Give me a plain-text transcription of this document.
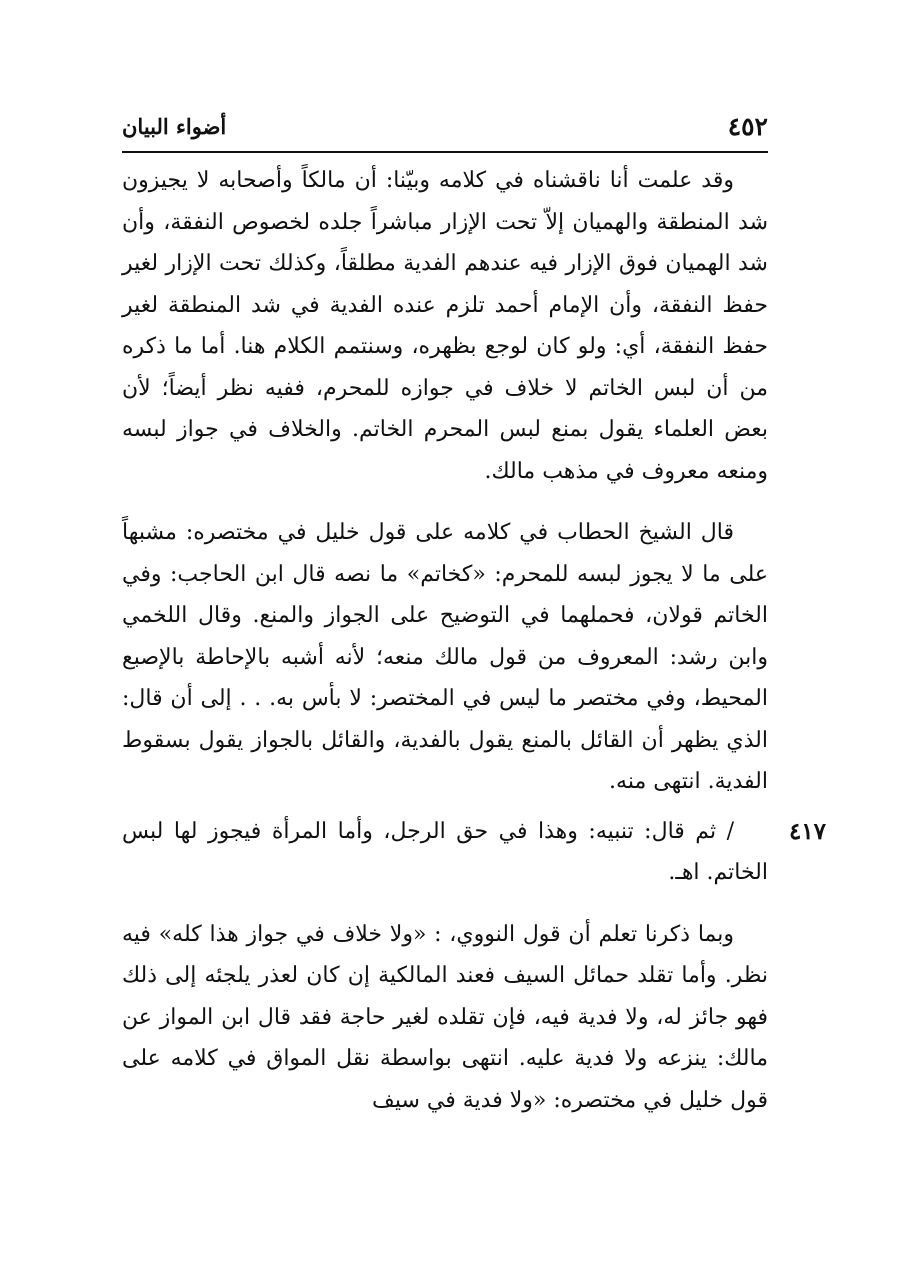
٤٥٢
أضواء البيان

وقد علمت أنا ناقشناه في كلامه وبيّنا: أن مالكاً وأصحابه لا يجيزون شد المنطقة والهميان إلاّ تحت الإزار مباشراً جلده لخصوص النفقة، وأن شد الهميان فوق الإزار فيه عندهم الفدية مطلقاً، وكذلك تحت الإزار لغير حفظ النفقة، وأن الإمام أحمد تلزم عنده الفدية في شد المنطقة لغير حفظ النفقة، أي: ولو كان لوجع بظهره، وسنتمم الكلام هنا. أما ما ذكره من أن لبس الخاتم لا خلاف في جوازه للمحرم، ففيه نظر أيضاً؛ لأن بعض العلماء يقول بمنع لبس المحرم الخاتم. والخلاف في جواز لبسه ومنعه معروف في مذهب مالك.

قال الشيخ الحطاب في كلامه على قول خليل في مختصره: مشبهاً على ما لا يجوز لبسه للمحرم: «كخاتم» ما نصه قال ابن الحاجب: وفي الخاتم قولان، فحملهما في التوضيح على الجواز والمنع. وقال اللخمي وابن رشد: المعروف من قول مالك منعه؛ لأنه أشبه بالإحاطة بالإصبع المحيط، وفي مختصر ما ليس في المختصر: لا بأس به. . . إلى أن قال: الذي يظهر أن القائل بالمنع يقول بالفدية، والقائل بالجواز يقول بسقوط الفدية. انتهى منه.

٤١٧

/ ثم قال: تنبيه: وهذا في حق الرجل، وأما المرأة فيجوز لها لبس الخاتم. اهـ.

وبما ذكرنا تعلم أن قول النووي، : «ولا خلاف في جواز هذا كله» فيه نظر. وأما تقلد حمائل السيف فعند المالكية إن كان لعذر يلجئه إلى ذلك فهو جائز له، ولا فدية فيه، فإن تقلده لغير حاجة فقد قال ابن المواز عن مالك: ينزعه ولا فدية عليه. انتهى بواسطة نقل المواق في كلامه على قول خليل في مختصره: «ولا فدية في سيف
